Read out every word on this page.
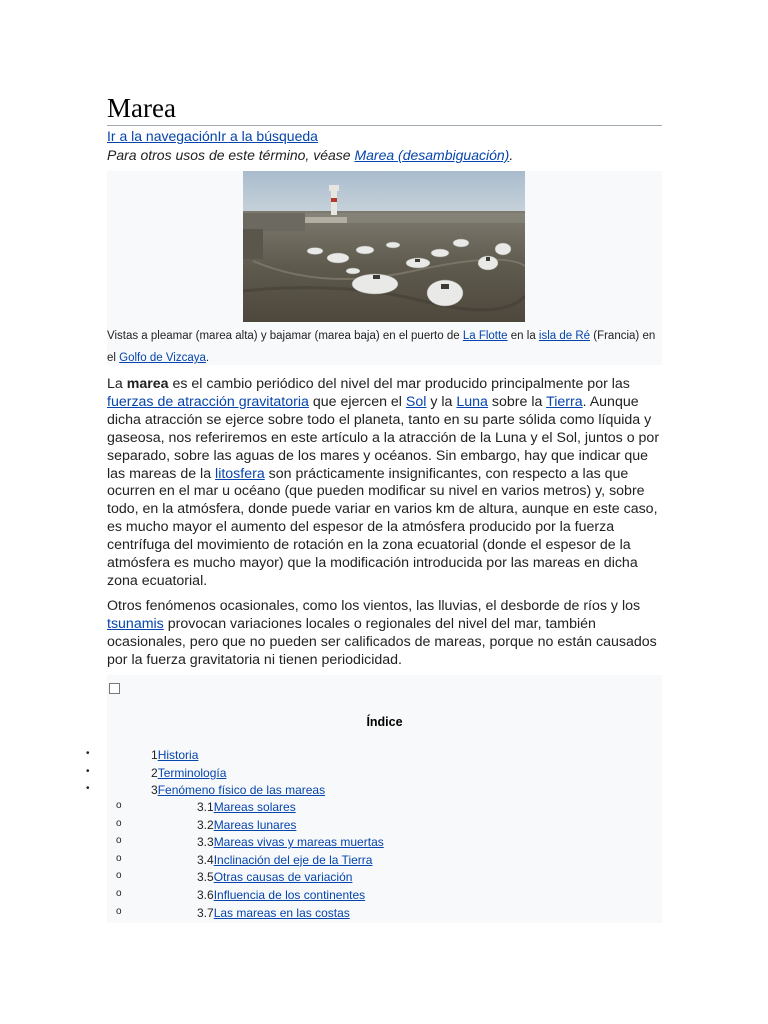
Marea
Ir a la navegaciónIr a la búsqueda
Para otros usos de este término, véase Marea (desambiguación).
Vistas a pleamar (marea alta) y bajamar (marea baja) en el puerto de La Flotte en la isla de Ré (Francia) en el Golfo de Vizcaya.

La marea es el cambio periódico del nivel del mar producido principalmente por las fuerzas de atracción gravitatoria que ejercen el Sol y la Luna sobre la Tierra. Aunque dicha atracción se ejerce sobre todo el planeta, tanto en su parte sólida como líquida y gaseosa, nos referiremos en este artículo a la atracción de la Luna y el Sol, juntos o por separado, sobre las aguas de los mares y océanos. Sin embargo, hay que indicar que las mareas de la litosfera son prácticamente insignificantes, con respecto a las que ocurren en el mar u océano (que pueden modificar su nivel en varios metros) y, sobre todo, en la atmósfera, donde puede variar en varios km de altura, aunque en este caso, es mucho mayor el aumento del espesor de la atmósfera producido por la fuerza centrífuga del movimiento de rotación en la zona ecuatorial (donde el espesor de la atmósfera es mucho mayor) que la modificación introducida por las mareas en dicha zona ecuatorial.

Otros fenómenos ocasionales, como los vientos, las lluvias, el desborde de ríos y los tsunamis provocan variaciones locales o regionales del nivel del mar, también ocasionales, pero que no pueden ser calificados de mareas, porque no están causados por la fuerza gravitatoria ni tienen periodicidad.

Índice
•	1Historia
•	2Terminología
•	3Fenómeno físico de las mareas
o	3.1Mareas solares
o	3.2Mareas lunares
o	3.3Mareas vivas y mareas muertas
o	3.4Inclinación del eje de la Tierra
o	3.5Otras causas de variación
o	3.6Influencia de los continentes
o	3.7Las mareas en las costas
